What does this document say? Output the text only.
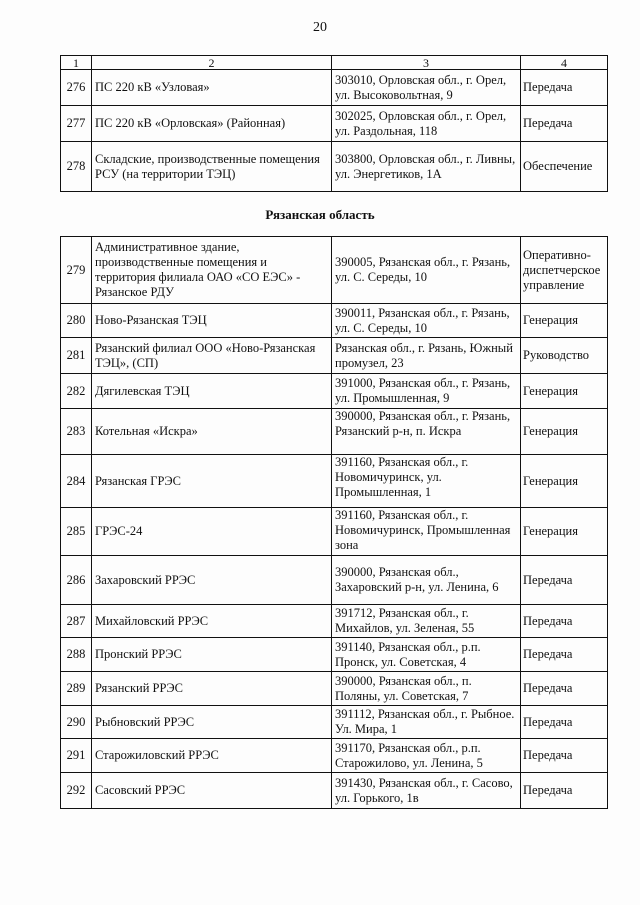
20
1	2	3	4
276	ПС 220 кВ «Узловая»	303010, Орловская обл., г. Орел, ул. Высоковольтная, 9	Передача
277	ПС 220 кВ «Орловская» (Районная)	302025, Орловская обл., г. Орел, ул. Раздольная, 118	Передача
278	Складские, производственные помещения РСУ (на территории ТЭЦ)	303800, Орловская обл., г. Ливны, ул. Энергетиков, 1А	Обеспечение
Рязанская область
279	Административное здание, производственные помещения и территория филиала ОАО «СО ЕЭС» - Рязанское РДУ	390005, Рязанская обл., г. Рязань, ул. С. Середы, 10	Оперативно-диспетчерское управление
280	Ново-Рязанская ТЭЦ	390011, Рязанская обл., г. Рязань, ул. С. Середы, 10	Генерация
281	Рязанский филиал ООО «Ново-Рязанская ТЭЦ», (СП)	Рязанская обл., г. Рязань, Южный промузел, 23	Руководство
282	Дягилевская ТЭЦ	391000, Рязанская обл., г. Рязань, ул. Промышленная, 9	Генерация
283	Котельная «Искра»	390000, Рязанская обл., г. Рязань, Рязанский р-н, п. Искра	Генерация
284	Рязанская ГРЭС	391160, Рязанская обл., г. Новомичуринск, ул. Промышленная, 1	Генерация
285	ГРЭС-24	391160, Рязанская обл., г. Новомичуринск, Промышленная зона	Генерация
286	Захаровский РРЭС	390000, Рязанская обл., Захаровский р-н, ул. Ленина, 6	Передача
287	Михайловский РРЭС	391712, Рязанская обл., г. Михайлов, ул. Зеленая, 55	Передача
288	Пронский РРЭС	391140, Рязанская обл., р.п. Пронск, ул. Советская, 4	Передача
289	Рязанский РРЭС	390000, Рязанская обл., п. Поляны, ул. Советская, 7	Передача
290	Рыбновский РРЭС	391112, Рязанская обл., г. Рыбное. Ул. Мира, 1	Передача
291	Старожиловский РРЭС	391170, Рязанская обл., р.п. Старожилово, ул. Ленина, 5	Передача
292	Сасовский РРЭС	391430, Рязанская обл., г. Сасово, ул. Горького, 1в	Передача
